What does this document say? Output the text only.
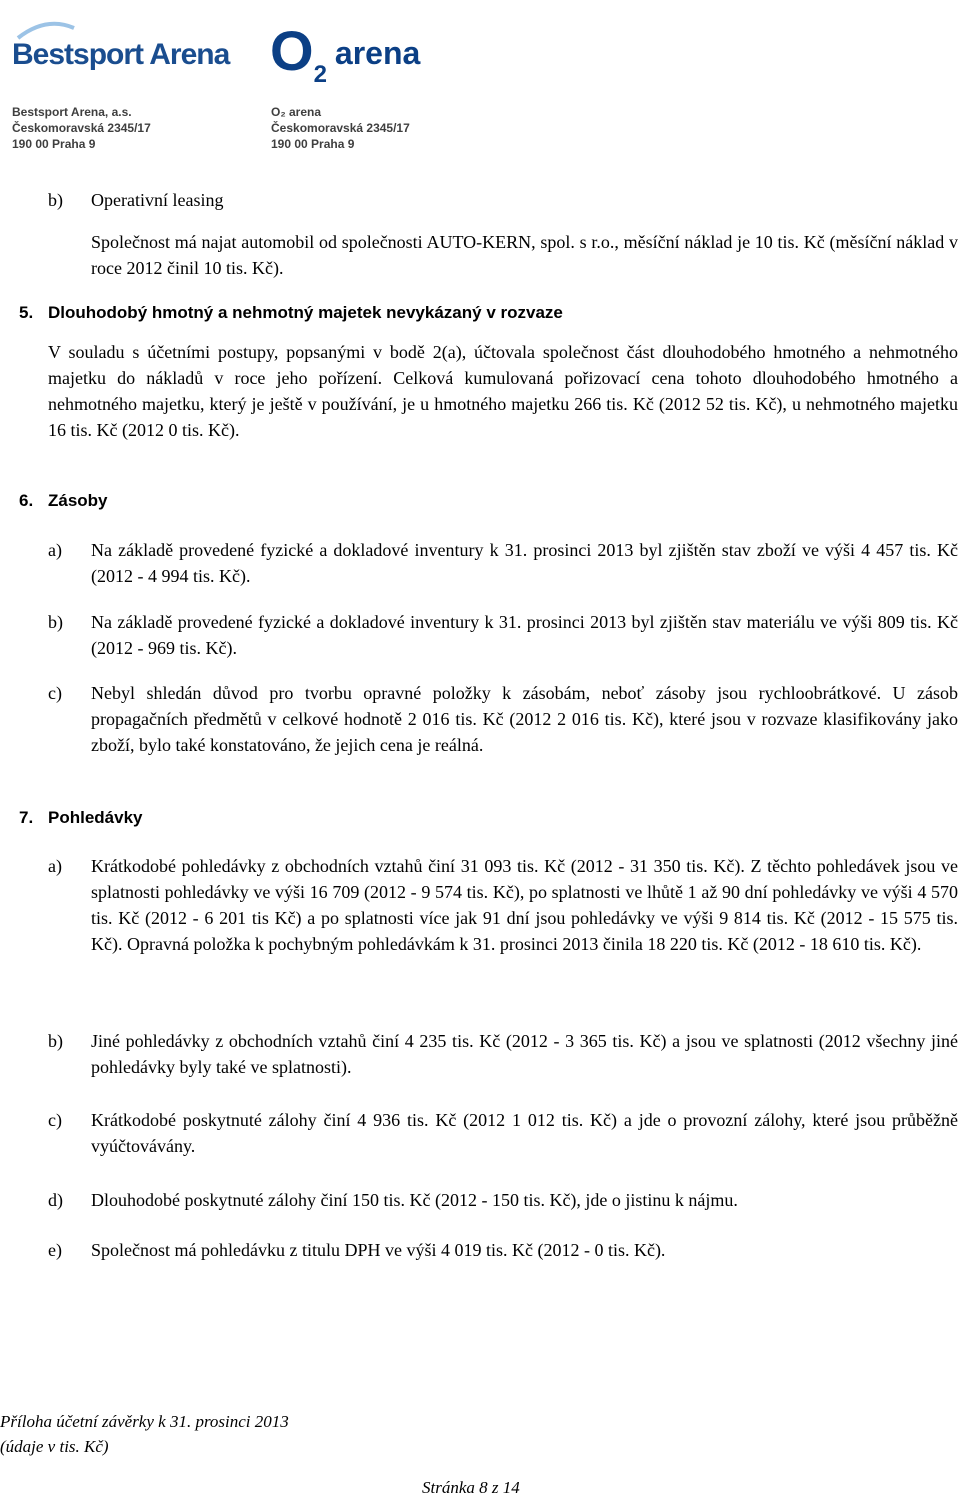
Bestsport Arena O2arena
Bestsport Arena, a.s.
Českomoravská 2345/17
190 00 Praha 9
O₂ arena
Českomoravská 2345/17
190 00 Praha 9
b) Operativní leasing
Společnost má najat automobil od společnosti AUTO-KERN, spol. s r.o., měsíční náklad je 10 tis. Kč (měsíční náklad v roce 2012 činil 10 tis. Kč).
5. Dlouhodobý hmotný a nehmotný majetek nevykázaný v rozvaze
V souladu s účetními postupy, popsanými v bodě 2(a), účtovala společnost část dlouhodobého hmotného a nehmotného majetku do nákladů v roce jeho pořízení. Celková kumulovaná pořizovací cena tohoto dlouhodobého hmotného a nehmotného majetku, který je ještě v používání, je u hmotného majetku 266 tis. Kč (2012 52 tis. Kč), u nehmotného majetku 16 tis. Kč (2012 0 tis. Kč).
6. Zásoby
a) Na základě provedené fyzické a dokladové inventury k 31. prosinci 2013 byl zjištěn stav zboží ve výši 4 457 tis. Kč (2012 - 4 994 tis. Kč).
b) Na základě provedené fyzické a dokladové inventury k 31. prosinci 2013 byl zjištěn stav materiálu ve výši 809 tis. Kč (2012 - 969 tis. Kč).
c) Nebyl shledán důvod pro tvorbu opravné položky k zásobám, neboť zásoby jsou rychloobrátkové. U zásob propagačních předmětů v celkové hodnotě 2 016 tis. Kč (2012 2 016 tis. Kč), které jsou v rozvaze klasifikovány jako zboží, bylo také konstatováno, že jejich cena je reálná.
7. Pohledávky
a) Krátkodobé pohledávky z obchodních vztahů činí 31 093 tis. Kč (2012 - 31 350 tis. Kč). Z těchto pohledávek jsou ve splatnosti pohledávky ve výši 16 709 (2012 - 9 574 tis. Kč), po splatnosti ve lhůtě 1 až 90 dní pohledávky ve výši 4 570 tis. Kč (2012 - 6 201 tis Kč) a po splatnosti více jak 91 dní jsou pohledávky ve výši 9 814 tis. Kč (2012 - 15 575 tis. Kč). Opravná položka k pochybným pohledávkám k 31. prosinci 2013 činila 18 220 tis. Kč (2012 - 18 610 tis. Kč).
b) Jiné pohledávky z obchodních vztahů činí 4 235 tis. Kč (2012 - 3 365 tis. Kč) a jsou ve splatnosti (2012 všechny jiné pohledávky byly také ve splatnosti).
c) Krátkodobé poskytnuté zálohy činí 4 936 tis. Kč (2012 1 012 tis. Kč) a jde o provozní zálohy, které jsou průběžně vyúčtovávány.
d) Dlouhodobé poskytnuté zálohy činí 150 tis. Kč (2012 - 150 tis. Kč), jde o jistinu k nájmu.
e) Společnost má pohledávku z titulu DPH ve výši 4 019 tis. Kč (2012 - 0 tis. Kč).
Příloha účetní závěrky k 31. prosinci 2013
(údaje v tis. Kč)
Stránka 8 z 14
